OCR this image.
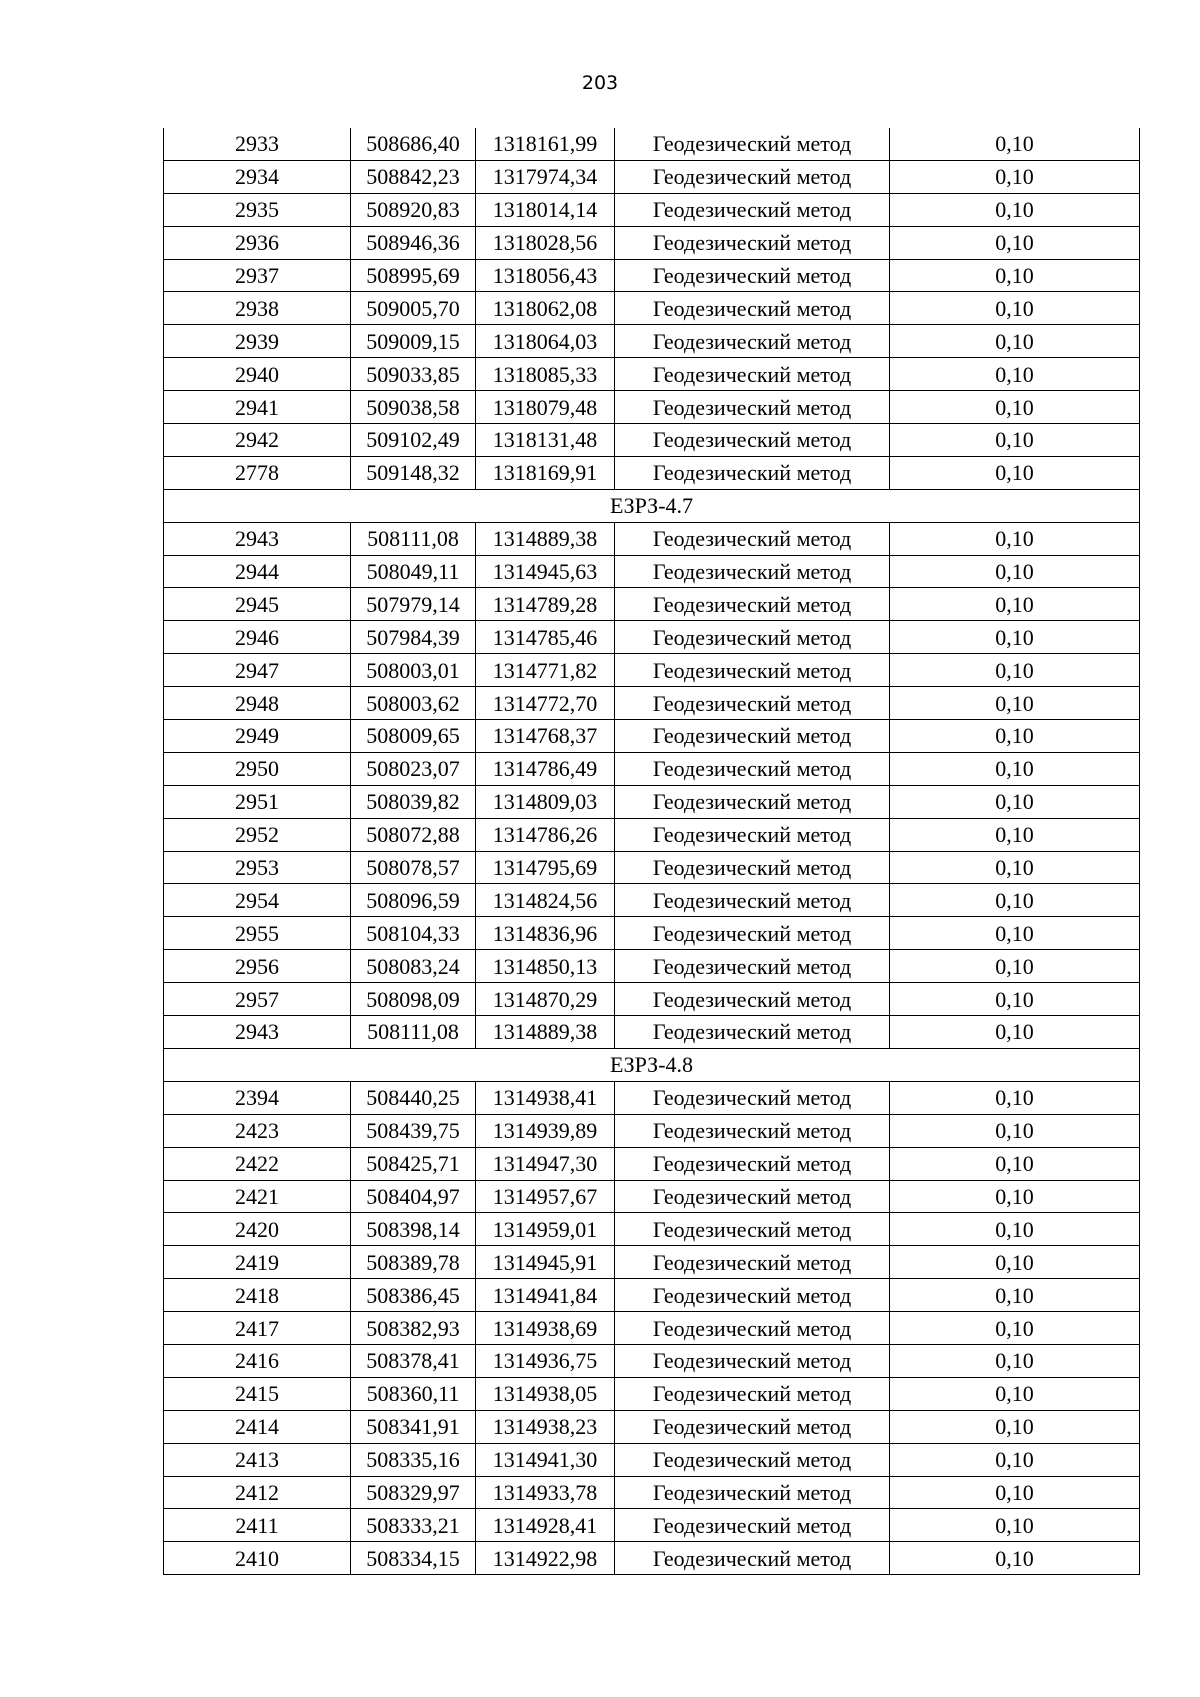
203
2933	508686,40	1318161,99	Геодезический метод	0,10
2934	508842,23	1317974,34	Геодезический метод	0,10
2935	508920,83	1318014,14	Геодезический метод	0,10
2936	508946,36	1318028,56	Геодезический метод	0,10
2937	508995,69	1318056,43	Геодезический метод	0,10
2938	509005,70	1318062,08	Геодезический метод	0,10
2939	509009,15	1318064,03	Геодезический метод	0,10
2940	509033,85	1318085,33	Геодезический метод	0,10
2941	509038,58	1318079,48	Геодезический метод	0,10
2942	509102,49	1318131,48	Геодезический метод	0,10
2778	509148,32	1318169,91	Геодезический метод	0,10
ЕЗРЗ-4.7				
2943	508111,08	1314889,38	Геодезический метод	0,10
2944	508049,11	1314945,63	Геодезический метод	0,10
2945	507979,14	1314789,28	Геодезический метод	0,10
2946	507984,39	1314785,46	Геодезический метод	0,10
2947	508003,01	1314771,82	Геодезический метод	0,10
2948	508003,62	1314772,70	Геодезический метод	0,10
2949	508009,65	1314768,37	Геодезический метод	0,10
2950	508023,07	1314786,49	Геодезический метод	0,10
2951	508039,82	1314809,03	Геодезический метод	0,10
2952	508072,88	1314786,26	Геодезический метод	0,10
2953	508078,57	1314795,69	Геодезический метод	0,10
2954	508096,59	1314824,56	Геодезический метод	0,10
2955	508104,33	1314836,96	Геодезический метод	0,10
2956	508083,24	1314850,13	Геодезический метод	0,10
2957	508098,09	1314870,29	Геодезический метод	0,10
2943	508111,08	1314889,38	Геодезический метод	0,10
ЕЗРЗ-4.8				
2394	508440,25	1314938,41	Геодезический метод	0,10
2423	508439,75	1314939,89	Геодезический метод	0,10
2422	508425,71	1314947,30	Геодезический метод	0,10
2421	508404,97	1314957,67	Геодезический метод	0,10
2420	508398,14	1314959,01	Геодезический метод	0,10
2419	508389,78	1314945,91	Геодезический метод	0,10
2418	508386,45	1314941,84	Геодезический метод	0,10
2417	508382,93	1314938,69	Геодезический метод	0,10
2416	508378,41	1314936,75	Геодезический метод	0,10
2415	508360,11	1314938,05	Геодезический метод	0,10
2414	508341,91	1314938,23	Геодезический метод	0,10
2413	508335,16	1314941,30	Геодезический метод	0,10
2412	508329,97	1314933,78	Геодезический метод	0,10
2411	508333,21	1314928,41	Геодезический метод	0,10
2410	508334,15	1314922,98	Геодезический метод	0,10
